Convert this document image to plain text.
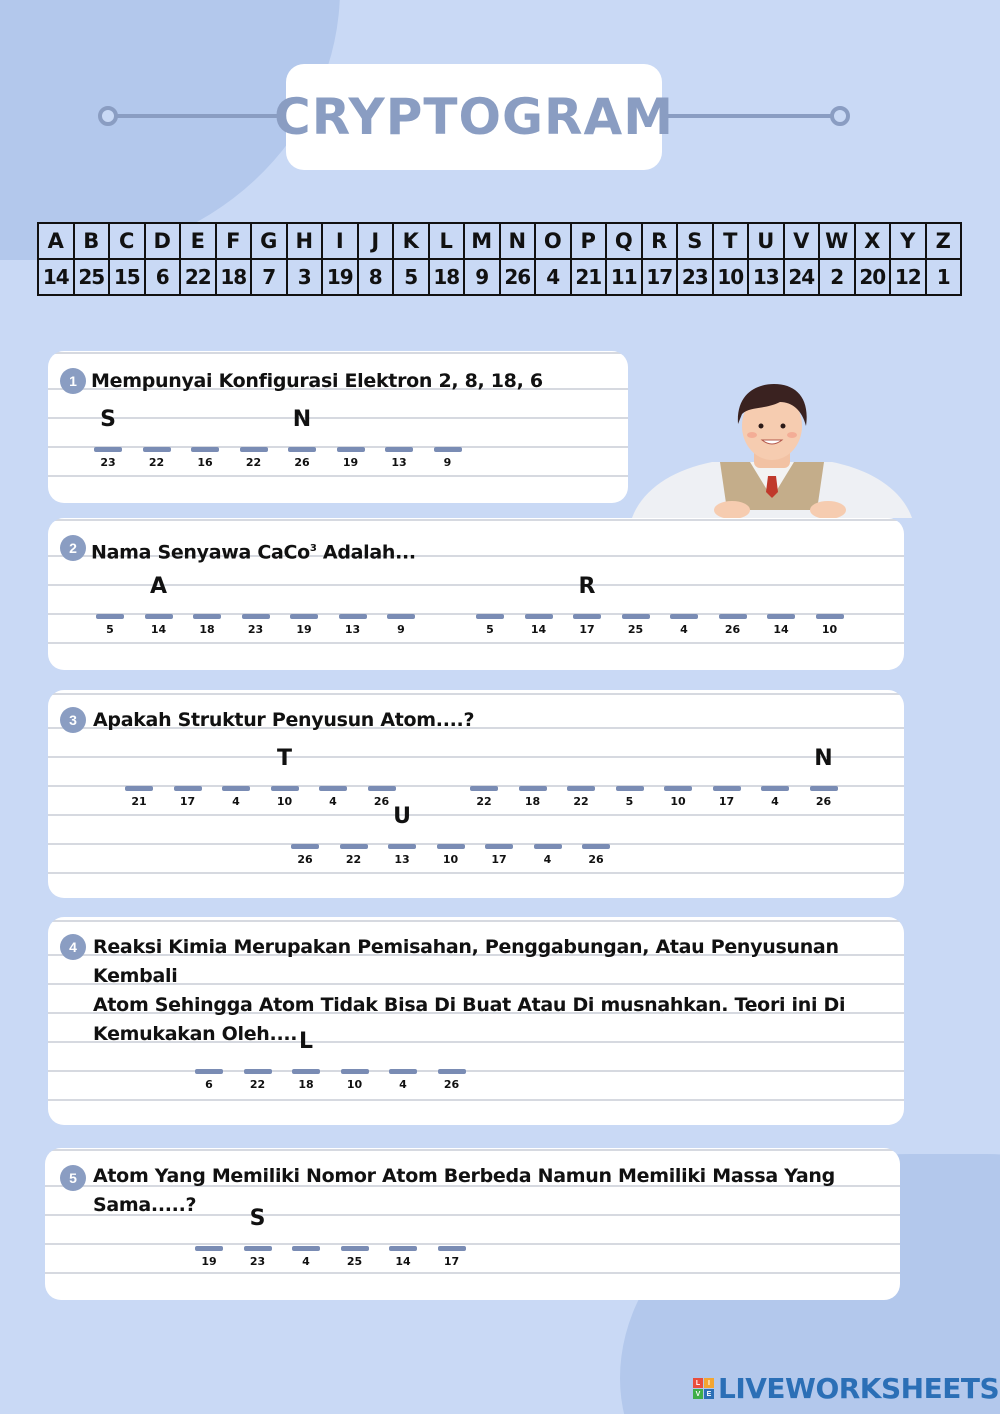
CRYPTOGRAM
A	B	C	D	E	F	G	H	I	J	K	L	M	N	O	P	Q	R	S	T	U	V	W	X	Y	Z
14	25	15	6	22	18	7	3	19	8	5	18	9	26	4	21	11	17	23	10	13	24	2	20	12	1
1 Mempunyai Konfigurasi Elektron 2, 8, 18, 6
S
23	22	16	22
N
26	19	13	9
2 Nama Senyawa CaCo$^3$ Adalah...
5
A
14	18	23	19	13	9	5	14
R
17	25	4	26	14	10
3 Apakah Struktur Penyusun Atom....?
21	17	4
T
10	4	26	22	18	22	5	10	17	4
N
26
26	22
U
13	10	17	4	26
4 Reaksi Kimia Merupakan Pemisahan, Penggabungan, Atau Penyusunan Kembali
Atom Sehingga Atom Tidak Bisa Di Buat Atau Di musnahkan. Teori ini Di
Kemukakan Oleh....
6	22
L
18	10	4	26
5 Atom Yang Memiliki Nomor Atom Berbeda Namun Memiliki Massa Yang
Sama.....?
19
S
23	4	25	14	17
L	I
V E LIVEWORKSHEETS
